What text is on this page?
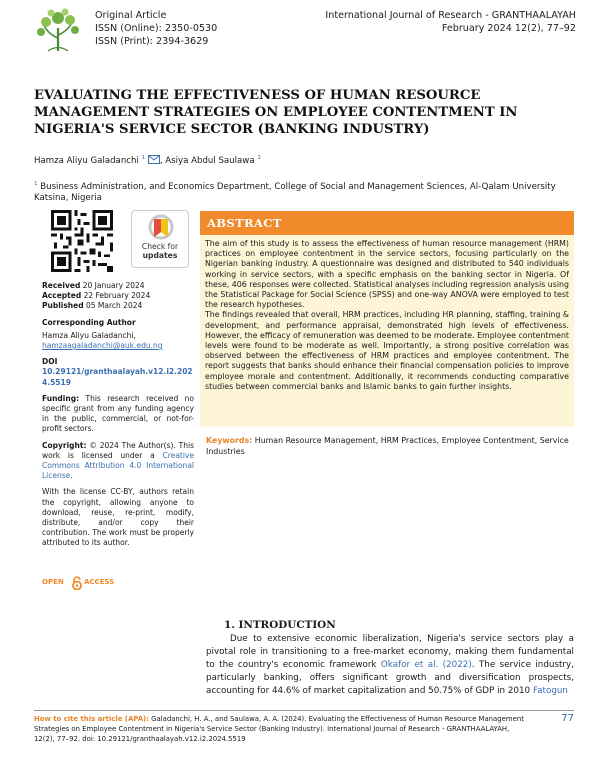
Original Article
ISSN (Online): 2350-0530
ISSN (Print): 2394-3629
International Journal of Research - GRANTHAALAYAH
February 2024 12(2), 77–92
EVALUATING THE EFFECTIVENESS OF HUMAN RESOURCE MANAGEMENT STRATEGIES ON EMPLOYEE CONTENTMENT IN NIGERIA'S SERVICE SECTOR (BANKING INDUSTRY)
Hamza Aliyu Galadanchi $^1$ , Asiya Abdul Saulawa $^1$
$^1$ Business Administration, and Economics Department, College of Social and Management Sciences, Al-Qalam University Katsina, Nigeria
Check for
updates
Received 20 January 2024
Accepted 22 February 2024
Published 05 March 2024
Corresponding Author
Hamza Aliyu Galadanchi,
hamzaagaladanchi@auk.edu.ng
DOI
10.29121/granthaalayah.v12.i2.2024.5519
Funding: This research received no specific grant from any funding agency in the public, commercial, or not-for-profit sectors.
Copyright: © 2024 The Author(s). This work is licensed under a Creative Commons Attribution 4.0 International License.
With the license CC-BY, authors retain the copyright, allowing anyone to download, reuse, re-print, modify, distribute, and/or copy their contribution. The work must be properly attributed to its author.
OPEN	ACCESS
ABSTRACT

The aim of this study is to assess the effectiveness of human resource management (HRM) practices on employee contentment in the service sectors, focusing particularly on the Nigerian banking industry. A questionnaire was designed and distributed to 540 individuals working in service sectors, with a specific emphasis on the banking sector in Nigeria. Of these, 406 responses were collected. Statistical analyses including regression analysis using the Statistical Package for Social Science (SPSS) and one-way ANOVA were employed to test the research hypotheses.

The findings revealed that overall, HRM practices, including HR planning, staffing, training & development, and performance appraisal, demonstrated high levels of effectiveness. However, the efficacy of remuneration was deemed to be moderate. Employee contentment levels were found to be moderate as well. Importantly, a strong positive correlation was observed between the effectiveness of HRM practices and employee contentment. The report suggests that banks should enhance their financial compensation policies to improve employee morale and contentment. Additionally, it recommends conducting comparative studies between commercial banks and Islamic banks to gain further insights.

Keywords: Human Resource Management, HRM Practices, Employee Contentment, Service Industries
1. INTRODUCTION
Due to extensive economic liberalization, Nigeria's service sectors play a pivotal role in transitioning to a free-market economy, making them fundamental to the country's economic framework Okafor et al. (2022). The service industry, particularly banking, offers significant growth and diversification prospects, accounting for 44.6% of market capitalization and 50.75% of GDP in 2010 Fatogun
How to cite this article (APA): Galadanchi, H. A., and Saulawa, A. A. (2024). Evaluating the Effectiveness of Human Resource Management Strategies on Employee Contentment in Nigeria's Service Sector (Banking Industry). International Journal of Research - GRANTHAALAYAH, 12(2), 77–92. doi: 10.29121/granthaalayah.v12.i2.2024.5519
77
